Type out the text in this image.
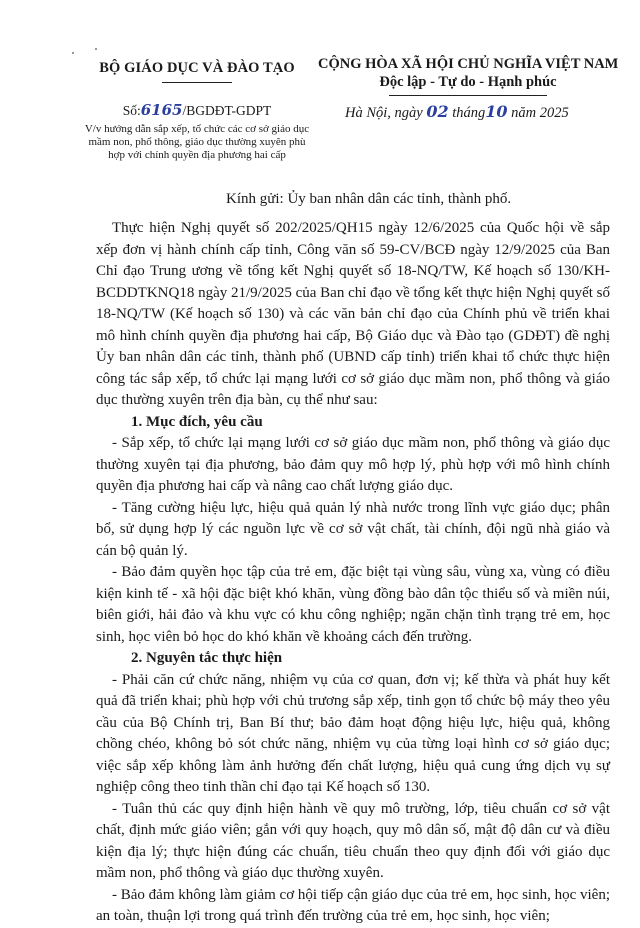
BỘ GIÁO DỤC VÀ ĐÀO TẠO
Số:6165/BGDĐT-GDPT
V/v hướng dẫn sắp xếp, tổ chức các cơ sở giáo dục mầm non, phổ thông, giáo dục thường xuyên phù hợp với chính quyền địa phương hai cấp
CỘNG HÒA XÃ HỘI CHỦ NGHĨA VIỆT NAM
Độc lập - Tự do - Hạnh phúc
Hà Nội, ngày 02 tháng10 năm 2025
Kính gửi: Ủy ban nhân dân các tỉnh, thành phố.

Thực hiện Nghị quyết số 202/2025/QH15 ngày 12/6/2025 của Quốc hội về sắp xếp đơn vị hành chính cấp tỉnh, Công văn số 59-CV/BCĐ ngày 12/9/2025 của Ban Chỉ đạo Trung ương về tổng kết Nghị quyết số 18-NQ/TW, Kế hoạch số 130/KH-BCDDTKNQ18 ngày 21/9/2025 của Ban chỉ đạo về tổng kết thực hiện Nghị quyết số 18-NQ/TW (Kế hoạch số 130) và các văn bản chỉ đạo của Chính phủ về triển khai mô hình chính quyền địa phương hai cấp, Bộ Giáo dục và Đào tạo (GDĐT) đề nghị Ủy ban nhân dân các tỉnh, thành phố (UBND cấp tỉnh) triển khai tổ chức thực hiện công tác sắp xếp, tổ chức lại mạng lưới cơ sở giáo dục mầm non, phổ thông và giáo dục thường xuyên trên địa bàn, cụ thể như sau:

1. Mục đích, yêu cầu

- Sắp xếp, tổ chức lại mạng lưới cơ sở giáo dục mầm non, phổ thông và giáo dục thường xuyên tại địa phương, bảo đảm quy mô hợp lý, phù hợp với mô hình chính quyền địa phương hai cấp và nâng cao chất lượng giáo dục.

- Tăng cường hiệu lực, hiệu quả quản lý nhà nước trong lĩnh vực giáo dục; phân bổ, sử dụng hợp lý các nguồn lực về cơ sở vật chất, tài chính, đội ngũ nhà giáo và cán bộ quản lý.

- Bảo đảm quyền học tập của trẻ em, đặc biệt tại vùng sâu, vùng xa, vùng có điều kiện kinh tế - xã hội đặc biệt khó khăn, vùng đồng bào dân tộc thiểu số và miền núi, biên giới, hải đảo và khu vực có khu công nghiệp; ngăn chặn tình trạng trẻ em, học sinh, học viên bỏ học do khó khăn về khoảng cách đến trường.

2. Nguyên tắc thực hiện

- Phải căn cứ chức năng, nhiệm vụ của cơ quan, đơn vị; kế thừa và phát huy kết quả đã triển khai; phù hợp với chủ trương sắp xếp, tinh gọn tổ chức bộ máy theo yêu cầu của Bộ Chính trị, Ban Bí thư; bảo đảm hoạt động hiệu lực, hiệu quả, không chồng chéo, không bỏ sót chức năng, nhiệm vụ của từng loại hình cơ sở giáo dục; việc sắp xếp không làm ảnh hưởng đến chất lượng, hiệu quả cung ứng dịch vụ sự nghiệp công theo tinh thần chỉ đạo tại Kế hoạch số 130.

- Tuân thủ các quy định hiện hành về quy mô trường, lớp, tiêu chuẩn cơ sở vật chất, định mức giáo viên; gắn với quy hoạch, quy mô dân số, mật độ dân cư và điều kiện địa lý; thực hiện đúng các chuẩn, tiêu chuẩn theo quy định đối với giáo dục mầm non, phổ thông và giáo dục thường xuyên.

- Bảo đảm không làm giảm cơ hội tiếp cận giáo dục của trẻ em, học sinh, học viên; an toàn, thuận lợi trong quá trình đến trường của trẻ em, học sinh, học viên;
